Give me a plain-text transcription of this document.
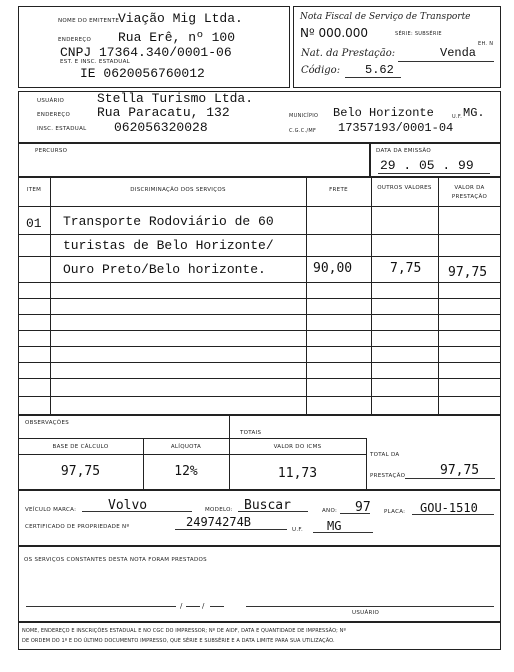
NOME DO EMITENTE
Viação Mig Ltda.
ENDEREÇO Rua Erê, nº 100
CNPJ 17364.340/0001-06
EST. E INSC. ESTADUAL
IE 0620056760012
Nota Fiscal de Serviço de Transporte
Nº 000.000	SÉRIE: SUBSÉRIE
EH. N
Nat. da Prestação:	Venda
Código: 5.62
USUÁRIO	Stella Turismo Ltda.
ENDEREÇO Rua Paracatu, 132	MUNICÍPIO Belo Horizonte	U.F. MG.
INSC. ESTADUAL 062056320028	C.G.C./MF 17357193/0001-04
PERCURSO	DATA DA EMISSÃO
29 . 05 . 99
ITEM	DISCRIMINAÇÃO DOS SERVIÇOS	FRETE	OUTROS VALORES	VALOR DA PRESTAÇÃO
01 Transporte Rodoviário de 60
turistas de Belo Horizonte/
Ouro Preto/Belo horizonte.	90,00	7,75 97,75
OBSERVAÇÕES
TOTAIS
BASE DE CÁLCULO	ALÍQUOTA	VALOR DO ICMS
97,75	12%	11,73
TOTAL DA
PRESTAÇÃO	97,75
VEÍCULO MARCA: Volvo	MODELO: Buscar	ANO: 97 PLACA: GOU-1510
CERTIFICADO DE PROPRIEDADE Nº	24974274B
U.F. MG
OS SERVIÇOS CONSTANTES DESTA NOTA FORAM PRESTADOS
/	/
USUÁRIO
NOME, ENDEREÇO E INSCRIÇÕES ESTADUAL E NO CGC DO IMPRESSOR; Nº DE AIDF, DATA E QUANTIDADE DE IMPRESSÃO; Nº
DE ORDEM DO 1º E DO ÚLTIMO DOCUMENTO IMPRESSO, QUE SÉRIE E SUBSÉRIE E A DATA LIMITE PARA SUA UTILIZAÇÃO.
